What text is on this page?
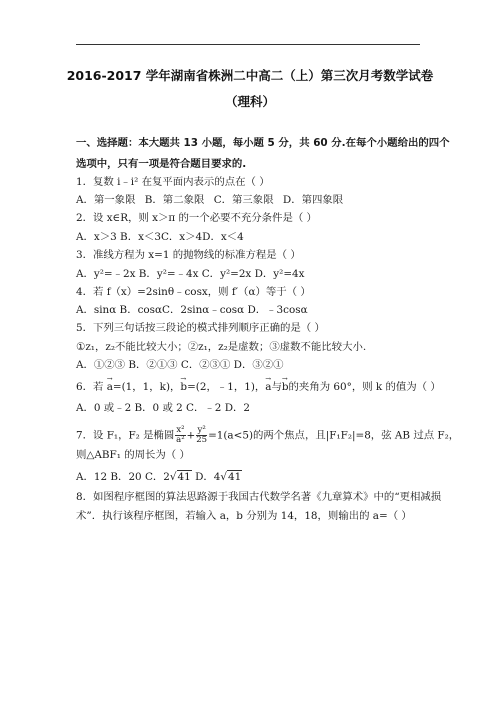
2016-2017 学年湖南省株洲二中高二（上）第三次月考数学试卷
（理科）
一、选择题：本大题共 13 小题，每小题 5 分，共 60 分.在每个小题给出的四个
选项中，只有一项是符合题目要求的.
1．复数 i﹣i² 在复平面内表示的点在（ ）
A．第一象限 B．第二象限 C．第三象限 D．第四象限
2．设 x∈R，则 x＞π 的一个必要不充分条件是（ ）
A．x＞3 B．x＜3C．x＞4D．x＜4
3．准线方程为 x=1 的抛物线的标准方程是（ ）
A．y²=﹣2x B．y²=﹣4x C．y²=2x D．y²=4x
4．若 f（x）=2sinθ﹣cosx，则 f′（α）等于（ ）
A．sinα B．cosαC．2sinα﹣cosα D．﹣3cosα
5．下列三句话按三段论的模式排列顺序正确的是（ ）
①z₁，z₂不能比较大小；②z₁，z₂是虚数；③虚数不能比较大小.
A．①②③ B．②①③ C．②③① D．③②①
6．若 → a=(1，1，k)，→ b=(2，﹣1，1)，→ a与→ b的夹角为 60°，则 k 的值为（ ）
A．0 或﹣2 B．0 或 2 C．﹣2 D．2
7．设 F₁，F₂ 是椭圆 $\frac{\text{x²}}{\text{a²}} + \frac{\text{y²}}{25} =1(a<5)$的两个焦点，且|F₁F₂|=8，弦 AB 过点 F₂，
则△ABF₁ 的周长为（ ）
A．12 B．20 C．2√41 D．4√41
8．如图程序框图的算法思路源于我国古代数学名著《九章算术》中的“更相减损
术”．执行该程序框图，若输入 a，b 分别为 14，18，则输出的 a=（ ）
